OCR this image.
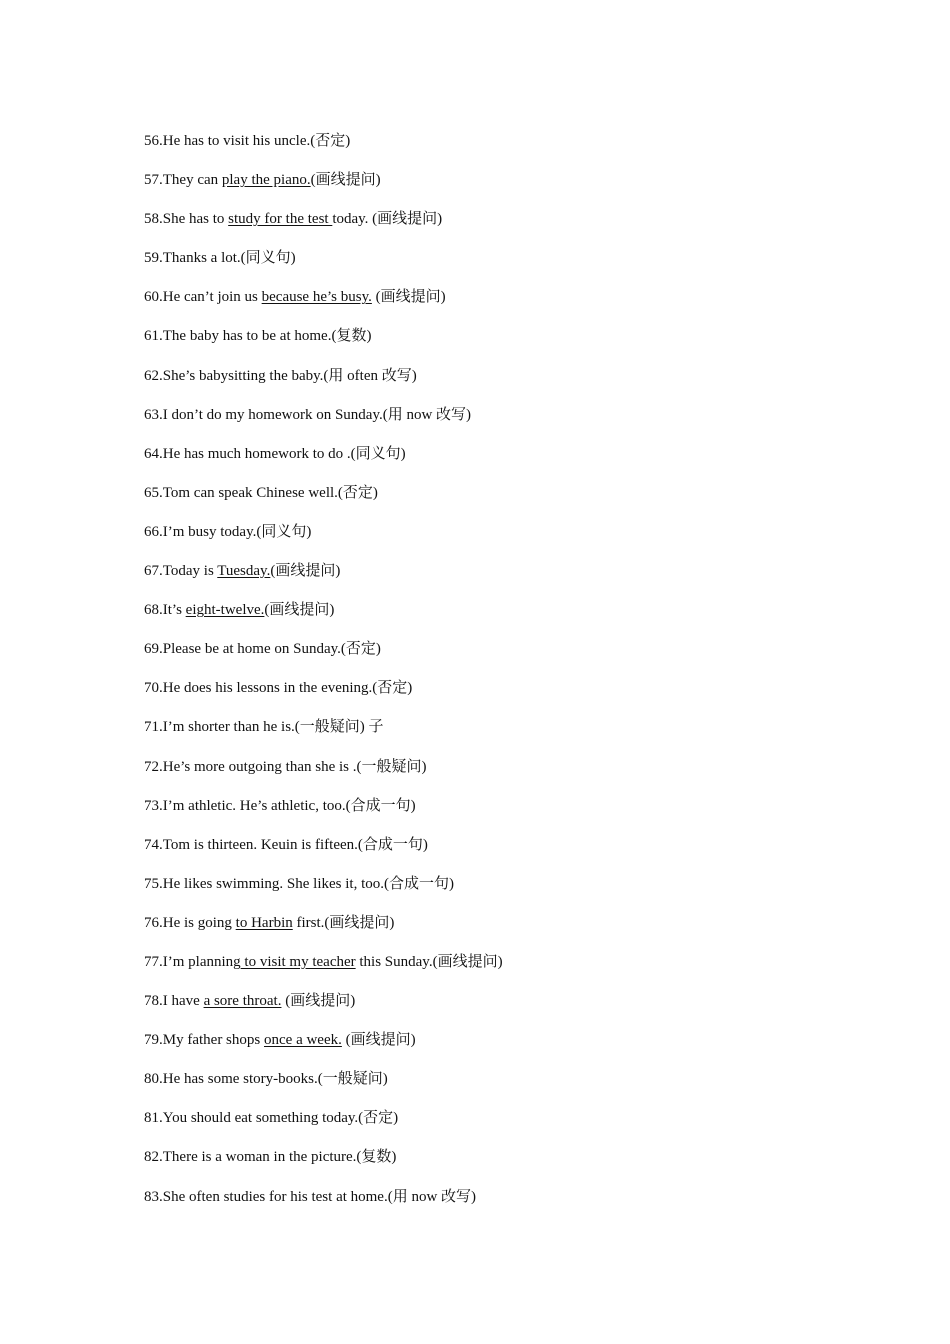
56.He has to visit his uncle.(否定)
57.They can play the piano.(画线提问)
58.She has to study for the test today. (画线提问)
59.Thanks a lot.(同义句)
60.He can’t join us because he’s busy. (画线提问)
61.The baby has to be at home.(复数)
62.She’s babysitting the baby.(用 often 改写)
63.I don’t do my homework on Sunday.(用 now 改写)
64.He has much homework to do .(同义句)
65.Tom can speak Chinese well.(否定)
66.I’m busy today.(同义句)
67.Today is Tuesday.(画线提问)
68.It’s eight-twelve.(画线提问)
69.Please be at home on Sunday.(否定)
70.He does his lessons in the evening.(否定)
71.I’m shorter than he is.(一般疑问) 子
72.He’s more outgoing than she is .(一般疑问)
73.I’m athletic. He’s athletic, too.(合成一句)
74.Tom is thirteen. Keuin is fifteen.(合成一句)
75.He likes swimming. She likes it, too.(合成一句)
76.He is going to Harbin first.(画线提问)
77.I’m planning to visit my teacher this Sunday.(画线提问)
78.I have a sore throat. (画线提问)
79.My father shops once a week. (画线提问)
80.He has some story-books.(一般疑问)
81.You should eat something today.(否定)
82.There is a woman in the picture.(复数)
83.She often studies for his test at home.(用 now 改写)
